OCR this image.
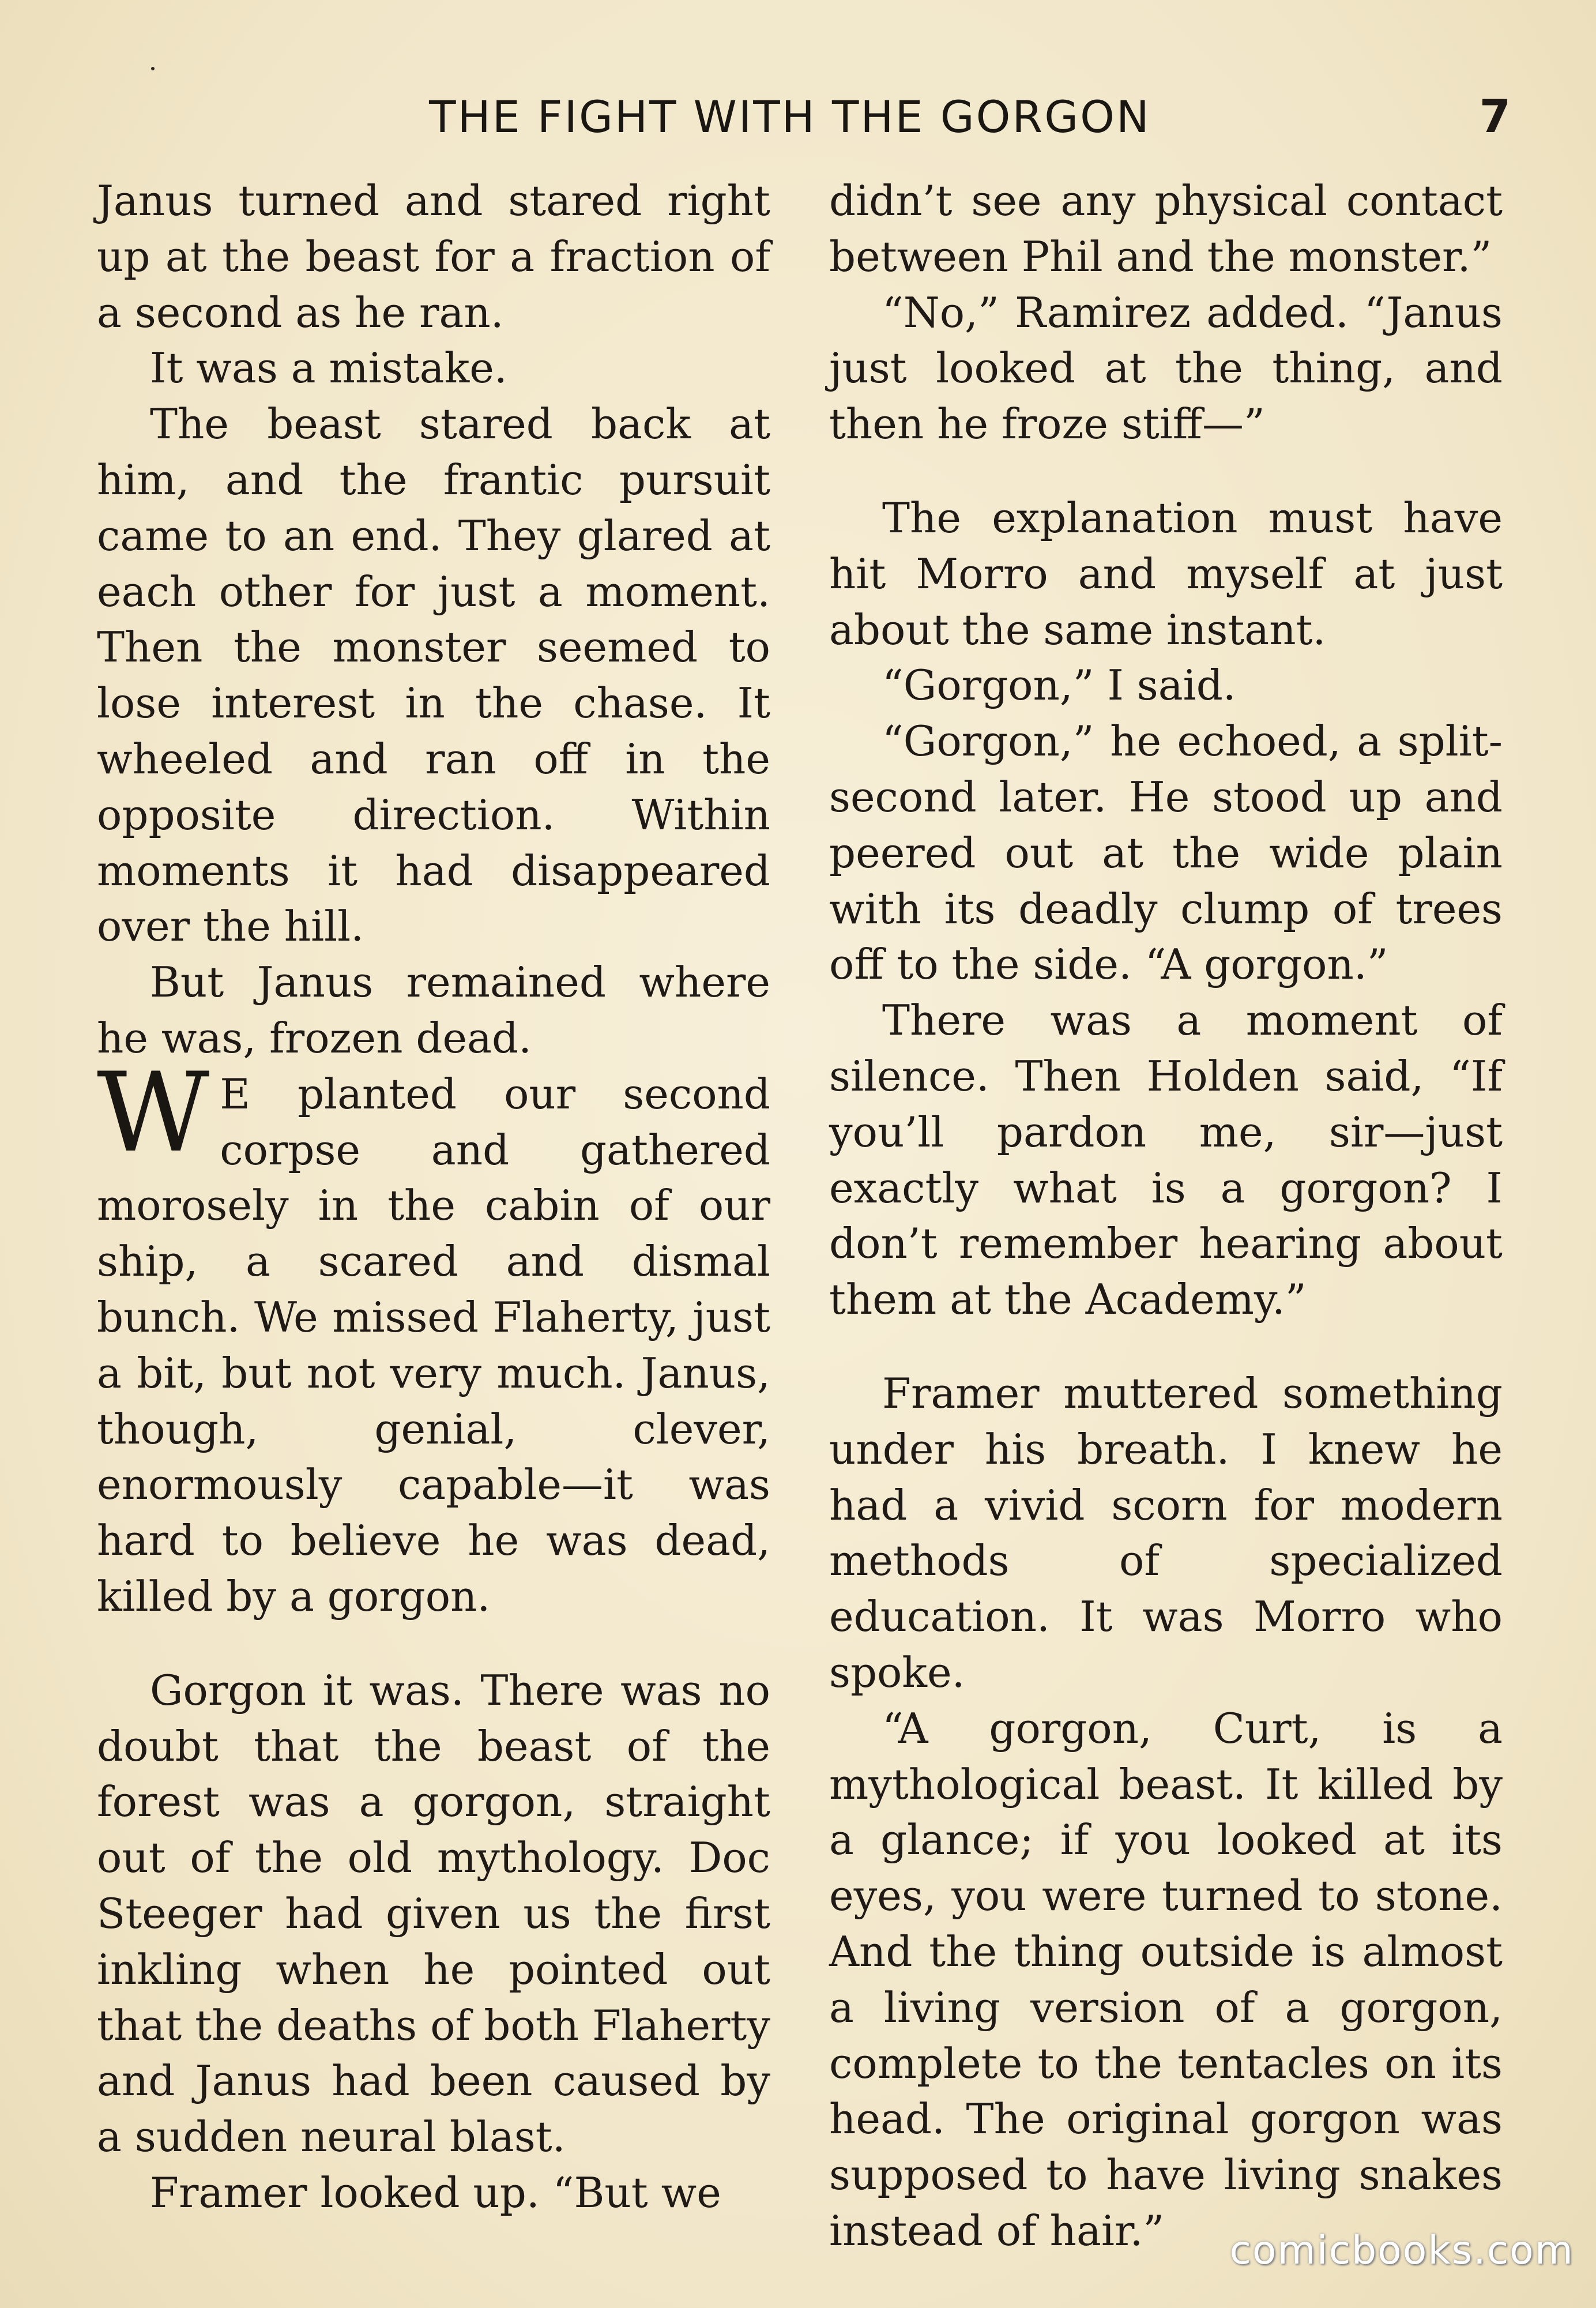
THE FIGHT WITH THE GORGON	7

Janus turned and stared right up at the beast for a fraction of a second as he ran.

It was a mistake.

The beast stared back at him, and the frantic pursuit came to an end. They glared at each other for just a moment. Then the monster seemed to lose interest in the chase. It wheeled and ran off in the opposite direction. Within moments it had disappeared over the hill.

But Janus remained where he was, frozen dead.

W E planted our second corpse and gathered morosely in the cabin of our ship, a scared and dismal bunch. We missed Flaherty, just a bit, but not very much. Janus, though, genial, clever, enormously capable—it was hard to believe he was dead, killed by a gorgon.

Gorgon it was. There was no doubt that the beast of the forest was a gorgon, straight out of the old mythology. Doc Steeger had given us the first inkling when he pointed out that the deaths of both Flaherty and Janus had been caused by a sudden neural blast.

Framer looked up. “But we

didn’t see any physical contact between Phil and the monster.”

“No,” Ramirez added. “Janus just looked at the thing, and then he froze stiff—”

The explanation must have hit Morro and myself at just about the same instant.

“Gorgon,” I said.

“Gorgon,” he echoed, a split-second later. He stood up and peered out at the wide plain with its deadly clump of trees off to the side. “A gorgon.”

There was a moment of silence. Then Holden said, “If you’ll pardon me, sir—just exactly what is a gorgon? I don’t remember hearing about them at the Academy.”

Framer muttered something under his breath. I knew he had a vivid scorn for modern methods of specialized education. It was Morro who spoke.

“A gorgon, Curt, is a mythological beast. It killed by a glance; if you looked at its eyes, you were turned to stone. And the thing outside is almost a living version of a gorgon, complete to the tentacles on its head. The original gorgon was supposed to have living snakes instead of hair.”	comicbooks.com
